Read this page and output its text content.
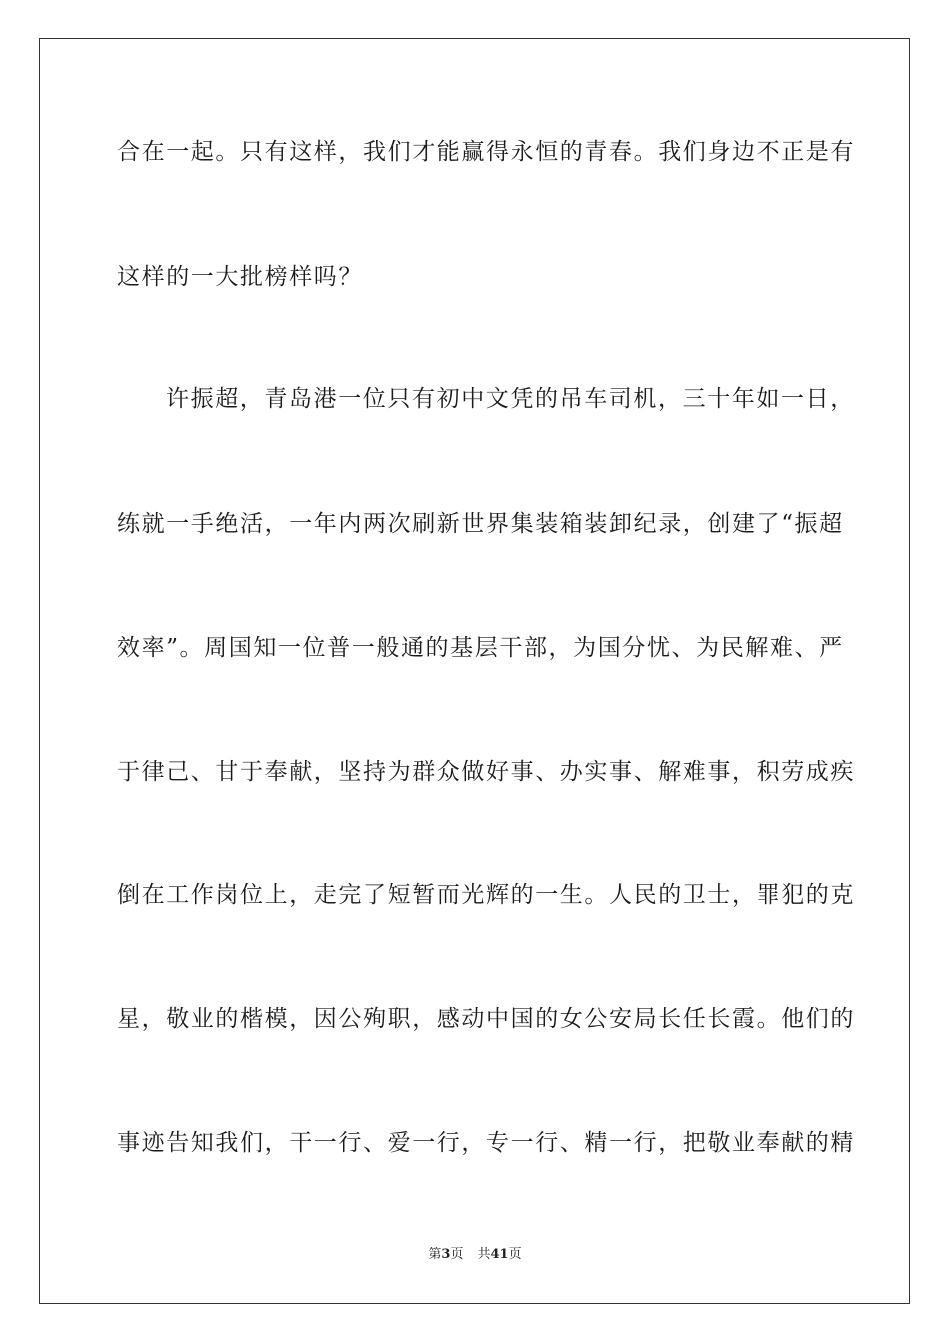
合在一起。只有这样，我们才能赢得永恒的青春。我们身边不正是有
这样的一大批榜样吗？
许振超，青岛港一位只有初中文凭的吊车司机，三十年如一日，
练就一手绝活，一年内两次刷新世界集装箱装卸纪录，创建了“振超
效率”。周国知一位普一般通的基层干部，为国分忧、为民解难、严
于律己、甘于奉献，坚持为群众做好事、办实事、解难事，积劳成疾
倒在工作岗位上，走完了短暂而光辉的一生。人民的卫士，罪犯的克
星，敬业的楷模，因公殉职，感动中国的女公安局长任长霞。他们的
事迹告知我们，干一行、爱一行，专一行、精一行，把敬业奉献的精
第3页 共41页
